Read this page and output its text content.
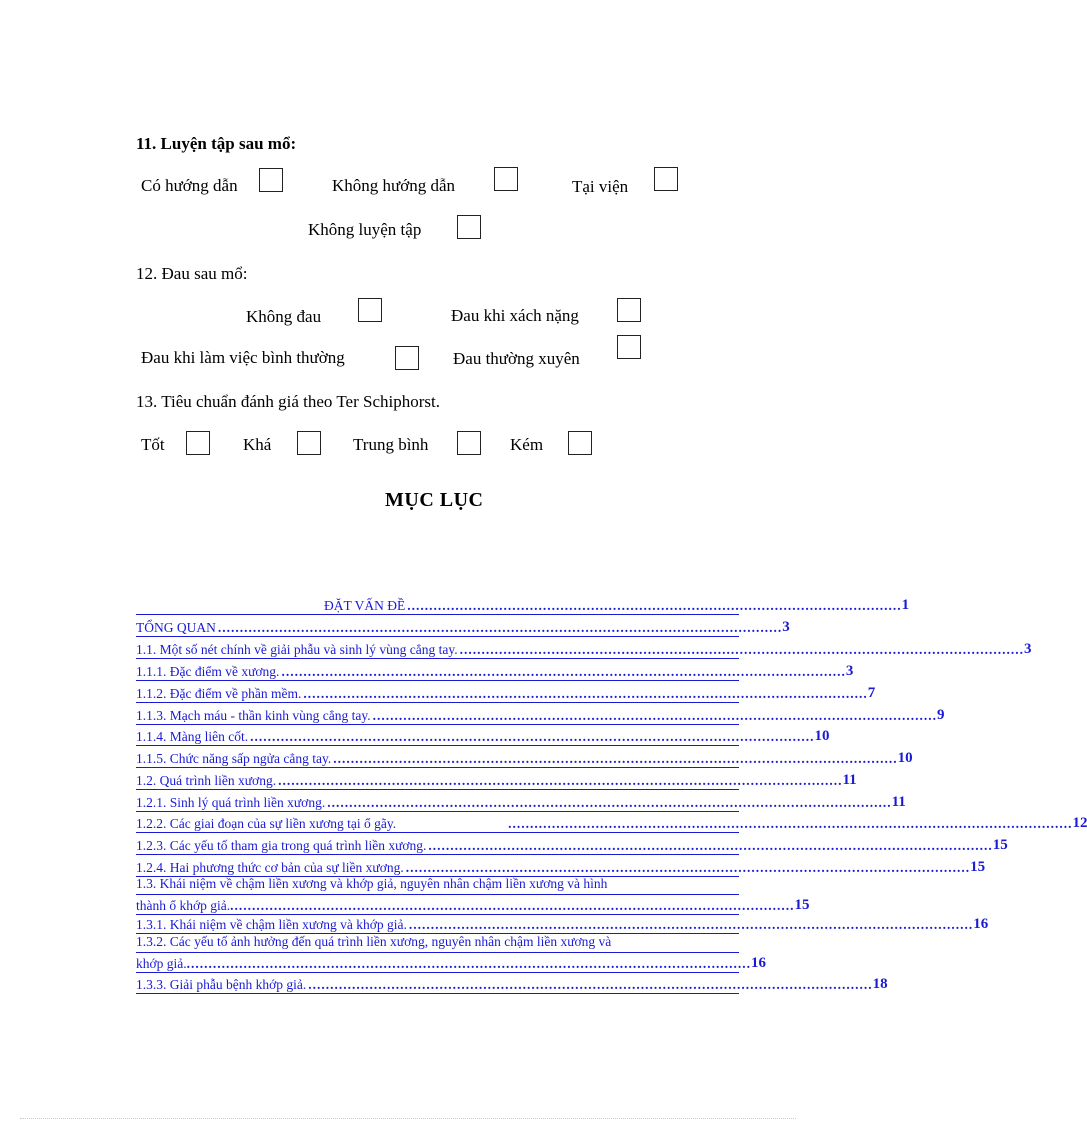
11. Luyện tập sau mổ:
Có hướng dẫn	Không hướng dẫn	Tại viện
Không luyện tập
12. Đau sau mổ:
Không đau	Đau khi xách nặng
Đau khi làm việc bình thường	Đau thường xuyên
13. Tiêu chuẩn đánh giá theo Ter Schiphorst.
Tốt	Khá	Trung bình	Kém
MỤC LỤC
ĐẶT VẤN ĐỀ ................................................................................................................. 1
TỔNG QUAN ................................................................................................................................. 3
1.1. Một số nét chính về giải phẫu và sinh lý vùng cẳng tay. ................................................................................................................................. 3
1.1.1. Đặc điểm về xương. ................................................................................................................................. 3
1.1.2. Đặc điểm về phần mềm. ................................................................................................................................. 7
1.1.3. Mạch máu - thần kinh vùng cẳng tay. ................................................................................................................................. 9
1.1.4. Màng liên cốt. ................................................................................................................................. 10
1.1.5. Chức năng sấp ngửa cẳng tay. ................................................................................................................................. 10
1.2. Quá trình liền xương. ................................................................................................................................. 11
1.2.1. Sinh lý quá trình liền xương. ................................................................................................................................. 11
1.2.2. Các giai đoạn của sự liền xương tại ổ gãy.	................................................................................................................................. 12
1.2.3. Các yếu tố tham gia trong quá trình liền xương. ................................................................................................................................. 15
1.2.4. Hai phương thức cơ bản của sự liền xương. ................................................................................................................................. 15
1.3. Khái niệm về chậm liền xương và khớp giả, nguyên nhân chậm liền xương và hình
thành ổ khớp giả. ................................................................................................................................. 15
1.3.1. Khái niệm về chậm liền xương và khớp giả. ................................................................................................................................. 16
1.3.2. Các yếu tố ảnh hưởng đến quá trình liền xương, nguyên nhân chậm liền xương và
khớp giả. ................................................................................................................................. 16
1.3.3. Giải phẫu bệnh khớp giả. ................................................................................................................................. 18
